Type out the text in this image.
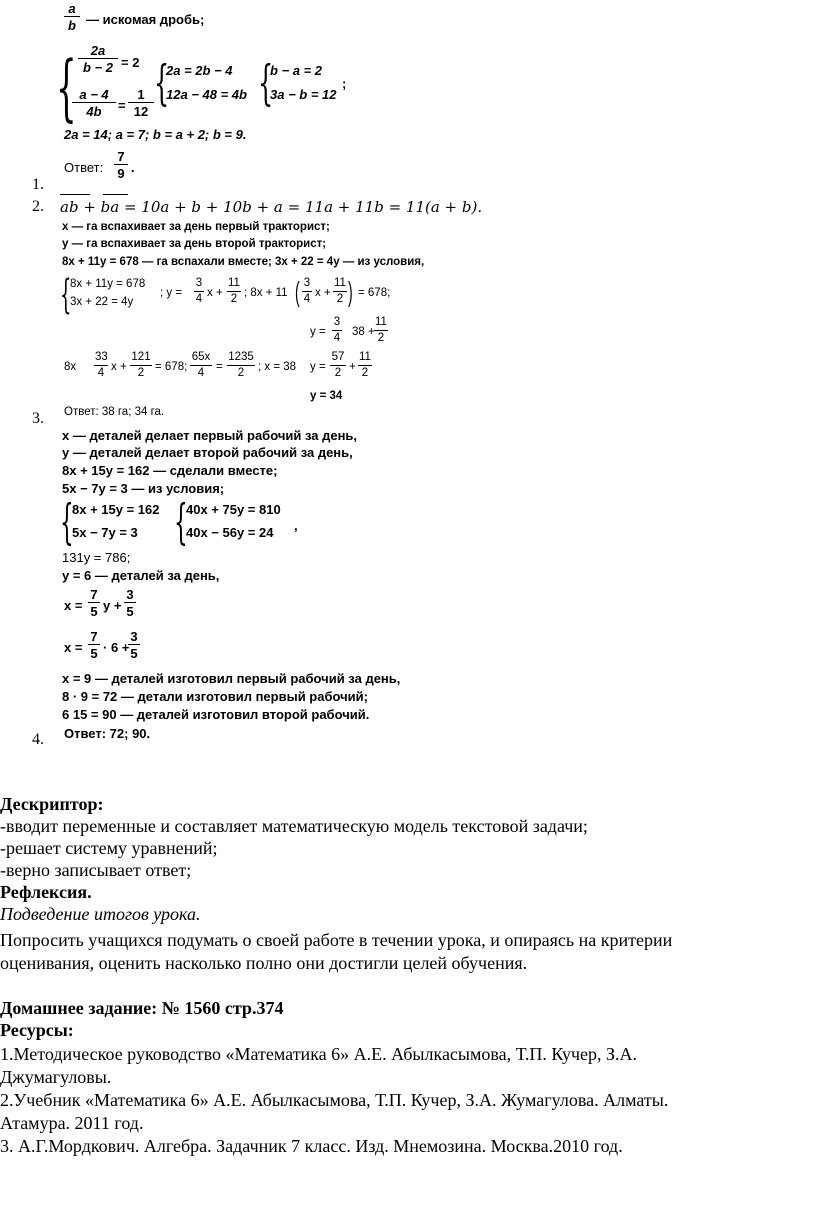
$\frac{a}{b}$ — искомая дробь;
{ $\frac{2a}{b - 2} = 2$
$\frac{a - 4}{4b} = \frac{1}{12}$ {
2a = 2b − 4
12a − 48 = 4b {
b − a = 2
3a − b = 12
;
2a = 14; a = 7; b = a + 2; b = 9.
Ответ: $\frac{7}{9}$ .
1.
2. ab + ba = 10a + b + 10b + a = 11a + 11b = 11(a + b).
x — га вспахивает за день первый тракторист;
y — га вспахивает за день второй тракторист;
8x + 11y = 678 — га вспахали вместе; 3x + 22 = 4y — из условия,
{
8x + 11y = 678
3x + 22 = 4y
; $y = \frac{3}{4}$ $x + \frac{11}{2}$ ; 8x + 11 ( $\frac{3}{4}$ $x + \frac{11}{2}$ ) = 678;
$y = \frac{3}{4} 38 + \frac{11}{2}$
$8x \frac{33}{4}$ $x + \frac{121}{2} = 678$; $\frac{65x}{4} = \frac{1235}{2}$ ; x = 38 $y = \frac{57}{2} + \frac{11}{2}$
y = 34
Ответ: 38 га; 34 га.
3.
x — деталей делает первый рабочий за день,
y — деталей делает второй рабочий за день,
8x + 15y = 162 — сделали вместе;
5x − 7y = 3 — из условия;
{
8x + 15y = 162
5x − 7y = 3 {
40x + 75y = 810
40x − 56y = 24 ,
131y = 786;
y = 6 — деталей за день,
$x = \frac{7}{5}$ $y + \frac{3}{5}$
$x = \frac{7}{5} \cdot 6$ +
$\frac{3}{5}$
x = 9 — деталей изготовил первый рабочий за день,
8 · 9 = 72 — детали изготовил первый рабочий;
6 15 = 90 — деталей изготовил второй рабочий.
Ответ: 72; 90.
4.
Дескриптор:
-вводит переменные и составляет математическую модель текстовой задачи;
-решает систему уравнений;
-верно записывает ответ;
Рефлексия.
Подведение итогов урока.
Попросить учащихся подумать о своей работе в течении урока, и опираясь на критерии
оценивания, оценить насколько полно они достигли целей обучения.
Домашнее задание: № 1560 стр.374
Ресурсы:
1.Методическое руководство «Математика 6» А.Е. Абылкасымова, Т.П. Кучер, З.А.
Джумагуловы.
2.Учебник «Математика 6» А.Е. Абылкасымова, Т.П. Кучер, З.А. Жумагулова. Алматы.
Атамура. 2011 год.
3. А.Г.Мордкович. Алгебра. Задачник 7 класс. Изд. Мнемозина. Москва.2010 год.
